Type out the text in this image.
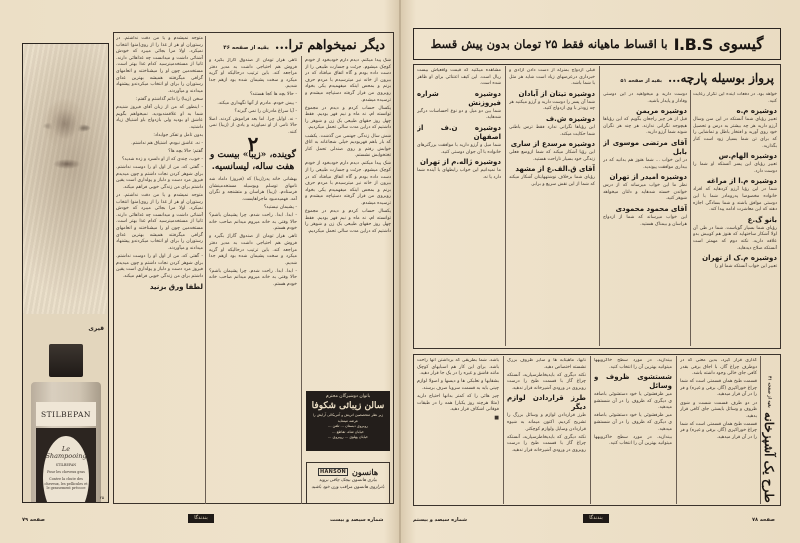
قیری
STILBEPAN
Le Shampooing
STILBEPAN
Pour les cheveux gras
Contre la chute des cheveux, les pellicules et le grassement précoce
۲۵

متوجه نمیشدم و یا من دقت نداشتم. در رستوران او هر از غذا را از روی(منو) انتخاب نمیکرد. اولا مرا بجائی میبرد که خودش آشنائی داشت و میدانست چه غذاهائی دارند. ثانیا از مستخدمینرسید کدام غذا بهتر است. مستخدمین چون او را میشناختند و انعامهای گزافی میگرفتند همیشه بهترین غذای رستوران را برای او انتخاب میکردندو پیشنهاد میدادند و میآوردند.

سخن (زیبا) را دائم گذاشتم و گفتم:

- اینطور که من از زبان آقای فیروز شنیدم شما به او علاقمندبودید. نمیخواهم بگویم عاشق او بودید ولی بازدواج باو اشتیاق زیاد داشتید.

بدون تامل و تفکر جوابداد:

- نه. عاشق نبودم. اشتیاق هم نداشتم.

گفتم: حالا بچه ها؟

- خوب، چندی که از او دلسرد و زده شدید؟

- گفتی که، من از اول او را دوست نداشتم. برای شوهر کردن نجات داشتم و چون میدیدم فیروز مرد دست و دلباز و پولداری است یقین داشتم برای من زندگی خوبی فراهم میکند.

متوجه نمیشدم و یا من دقت نداشتم. در رستوران او هر از غذا را از روی(منو) انتخاب نمیکرد. اولا مرا بجائی میبرد که خودش آشنائی داشت و میدانست چه غذاهائی دارند. ثانیا از مستخدمینرسید کدام غذا بهتر است. مستخدمین چون او را میشناختند و انعامهای گزافی میگرفتند همیشه بهترین غذای رستوران را برای او انتخاب میکردندو پیشنهاد میدادند و میآوردند.

- گفتی که، من از اول او را دوست نداشتم. برای شوهر کردن نجات داشتم و چون میدیدم فیروز مرد دست و دلباز و پولداری است یقین داشتم برای من زندگی خوبی فراهم میکند.

لطفا ورق بزنید
دیگر نمیخواهم ترا...
بقیه از صفحه ۴۶

تاهی هزار تومان از صندوق گاراژ بگیرد و فروش هم احتیاجی داشت به مدیر دفتر مراجعه کند. باین ترتیب درحالیکه او گریه میکرد و سخت پشیمان شده بود ازهم جدا شدیم.

- حالا بچه ها کجا هستند؟

- پیش خودم. مادرم از آنها نگهداری میکند.

- آیا سراغ مادرتان را نمی گیرند؟

- نه. اوایل چرا. اما بعد فراموش کردند. اصلا حالا نامی از او نمیاورند و یادی از (زیبا) نمی کنند.

۲
گوینده، «زیبا» بیست و هفت ساله، لیسانسیه.

بهشانی خانه پدر(زیبا) که (فیروز) داماد شد نامهای توسلم وبوسیله مستخدمینشان فرستادم. (زیبا) هراسان و متشنجه و نگران آمد. فهمیدمبود ماجراهایست.

- پشیمان نیستید؟

- ابدا. ابدا. راحت شدم. چرا پشیمان باشم؟ حالا وقتی به خانه میروم میدانم صاحب خانه خودم هستم.

تاهی هزار تومان از صندوق گاراژ بگیرد و فروش هم احتیاجی داشت به مدیر دفتر مراجعه کند. باین ترتیب درحالیکه او گریه میکرد و سخت پشیمان شده بود ازهم جدا شدیم.

- ابدا. ابدا. راحت شدم. چرا پشیمان باشم؟ حالا وقتی به خانه میروم میدانم صاحب خانه خودم هستم.

شک پیدا میکنم. دیدم دارم خودبخود از خودم کوچک میشوم. جرئت و جسارت طبیعی را از دست داده بودم و گاه اتفاق میافتاد که در بیرون از خانه نیز میترسیدم با مردم حرف بزنم و بمحض اینکه میفهمیدم یکی بخواد روبروی من قرار گرفته دستپاچه میشدم و ترسیده میشدم.

یکسال حساب کردم و دیدم در مجموع توانسته ام، نه ماه و نیم قهر بودیم. فقط چهل روز حقهای طبیعی یک زن و شوهر را داشتیم که دراین مدت سالی تحمل میکردیم.

شش سال زندگی جهنمی من گذشت. یکشب که بار باهم قهربودیم خیلی شجاعانه به اتاق خوابش رفتم و روی صندلی تحمل کنار تختخوابش نشستم.

شک پیدا میکنم. دیدم دارم خودبخود از خودم کوچک میشوم. جرئت و جسارت طبیعی را از دست داده بودم و گاه اتفاق میافتاد که در بیرون از خانه نیز میترسیدم با مردم حرف بزنم و بمحض اینکه میفهمیدم یکی بخواد روبروی من قرار گرفته دستپاچه میشدم و ترسیده میشدم.

یکسال حساب کردم و دیدم در مجموع توانسته ام، نه ماه و نیم قهر بودیم. فقط چهل روز حقهای طبیعی یک زن و شوهر را داشتیم که دراین مدت سالی تحمل میکردیم.

بانوان دوشیزگان محترم
سالن زیبائی شکوفا
زیر نظر متخصصین اتریش و آمریکائی آرایش را عرضه مینماید
روبروی دبستان ... تلفن ...
خیابان شاه، تقاطع ...
خیابان پهلوی ... روبروی ...
هانسون
HANSON
بیاری هانسون بیجک چاقی بروید
باترازوی هانسون مراقب وزن خود باشید
صفحه ۷۹	ﺑﻨﺪﻧﺪﮔﺎ	شماره سیصد و بیست
گیسوی
I.B.S
با اقساط ماهیانه فقط ۲۵ تومان بدون پیش قسط
پرواز بوسیله پارچه...
بقیه از صفحه ۵۱

خواهد بود. در دفعات آینده این تکرار رعایت کنید.

دوشیزه م.ه

تعبیر رؤیای شما آنستکه در این سن وسال آرزو دارید هر چه بیشتر به درس و تحصیل خود روی آورید و افتخار باطل و تماشایی را که برای تن شما بسیار زود است کنار بگذارید.

دوشیزه الهام.س

تعبیر رؤیای این پسر آنستکه او شما را دوست دارد.

دوشیزه م.ا از مراغه

شما در این رؤیا آرزو کردهاید که افراد خانواده مخصوصا پدرومادر شما با این دوستی موافق باشند و شما بسادگی اجازه دهند که این معاشرت ادامه پیدا کند.

بانو گ.ع

رؤیای شما بسیار گویاست. شما در طی آن اولا آشکار ساختهاید که هنوز هم کوبیش بدو علاقه دارید. نکته دوم که مهمتر است آنستکه صلاح دیدهاید.

دوشیزه م.ک از تهران

تعبیر این خواب آنستکه شما او را

دوست دارید و میخواهید در این دوستی وفادار و پایدار باشید.

دوشیزه مریمن

قبل از هر چیز راجعان بگویم که این رؤیاها هیچوجه نگرانی ندارند. هر چند هر نگران شوند شما آرزو دارید.

آقای مرتضی موسوی از بابل

در این خواب ... شما هنوز هم بدانید که در بیداری موافقت پیوندید.

دوشیزه امیدر از تهران

نظر ما این خواب میرساند که از درس خواندن خسته شدهاید و دلتان میخواهد شوهر کنید.

آقای محمود محمودی

این خواب میرساند که شما از ازدواج هراسان و بیمناک هستید.

قبلی ازدواج بمنزله از دست دادن آزادی و خبرداری درعرضهای زیاد است شاید هر مثل با شما باشد.

دوشیزه تیتان از آبادان

شما آن پسر را دوست دارید و آرزو میکنید هر چه زودتر با وی ازدواج کنید.

دوشیزه ش.ف

این رؤیاها نگرانی ندارد فقط ترس باطنی شما حکایت میکند.

دوشیزه مرسدع از ساری

این رؤیا آشکار میکند که شما ازوضع فعلی زندگی خود بسیار ناراحت هستید.

آقای ق.الف.ع از مشهد

رؤیای شما برخلاف نوشتههایتان آشکار میکند که شما از این نقش سریع و برابر.

مشاهده میکنید که قیمت واقعیاش بیست ریال است. این کیف اعتنائی برای او ظاهر شده است.

دوشیزه شراره فیروزنش

شما بین دو میل و دو نوع احساسات درگیر شدهاید.

دوشیزه ن.ف از اصفهان

شما میل و آرزو دارید با موافقت بزرگترهای خانواده با آن جوان دوستی کنید.

دوشیزه ژاله.م از تهران

ما نمیدانیم این خواب رابطهای با آینده شما دارد یا نه.

طرح یک آشپزخانه
بقیه از صفحه ۴۱

گذاری قرار گیرد، بدین معنی که در دوطرف چراغ گاز، با اجاق برقی بقدر کافی جای خالی وجود داشته باشد.

قسمت طبخ همان قسمتی است که شما چراغ خوراکپزی (گاز، برقی و غیره) و فر را در آن قرار میدهید.

در دو طرف قسمت شست و شوی ظروف و وسائل بایستی جای کافی قرار بدهید.

قسمت طبخ همان قسمتی است که شما چراغ خوراکپزی (گاز، برقی و غیره) و فر را در آن قرار میدهید.

بیندازید. در مورد سطح خاکروبهها میتوانید بهترین آن را انتخاب کنید.

شستشوی ظروف و وسائل

میز ظرفشوئی یا خود دستشوئی باضافه ی دیگری که ظروف را در آن شستشو میدهید.

میز ظرفشوئی یا خود دستشوئی باضافه ی دیگری که ظروف را در آن شستشو میدهید.

بیندازید. در مورد سطح خاکروبهها میتوانید بهترین آن را انتخاب کنید.

نابها، ماهیتابه ها و سایر ظروف بزرگ نشسته اختصاص دهید.

نکته دیگری که بایدیخاطرسپارید، آنستکه چراغ گاز با قسمت طبخ را درست روبروی در ورودی آشپزخانه قرار ندهید.

طرز قراردادن لوازم دیگر

طرز قراردادن لوازم و وسائل بزرگ را تشریح کردیم. اکنون میماند به شیوه قراردادن وسایل ولوازم کوچکتر.

نکته دیگری که بایدیخاطرسپارید، آنستکه چراغ گاز با قسمت طبخ را درست روبروی در ورودی آشپزخانه قرار ندهید.

باشد. شما بطریقی که برداشتن آنها راحت باشد. برای این کار هم اسبابهای کوچک مانند قاشق و غیره را در یک جا قرار دهید.

بشقابها و نعلبکی ها و دیسها و اصولا لوازم چینی باید به قسمت سروبا صرف برسند.

چیز هائی را که کمتر بدانها احتیاج دارید (مثلا هرچند روز یکبار) همه را در طبقات فوقانی اشکاف قرار دهید.

■
شماره سیصد و بیستم	ﺑﻨﺪﻧﺪﮔﺎ	صفحه ۷۸
